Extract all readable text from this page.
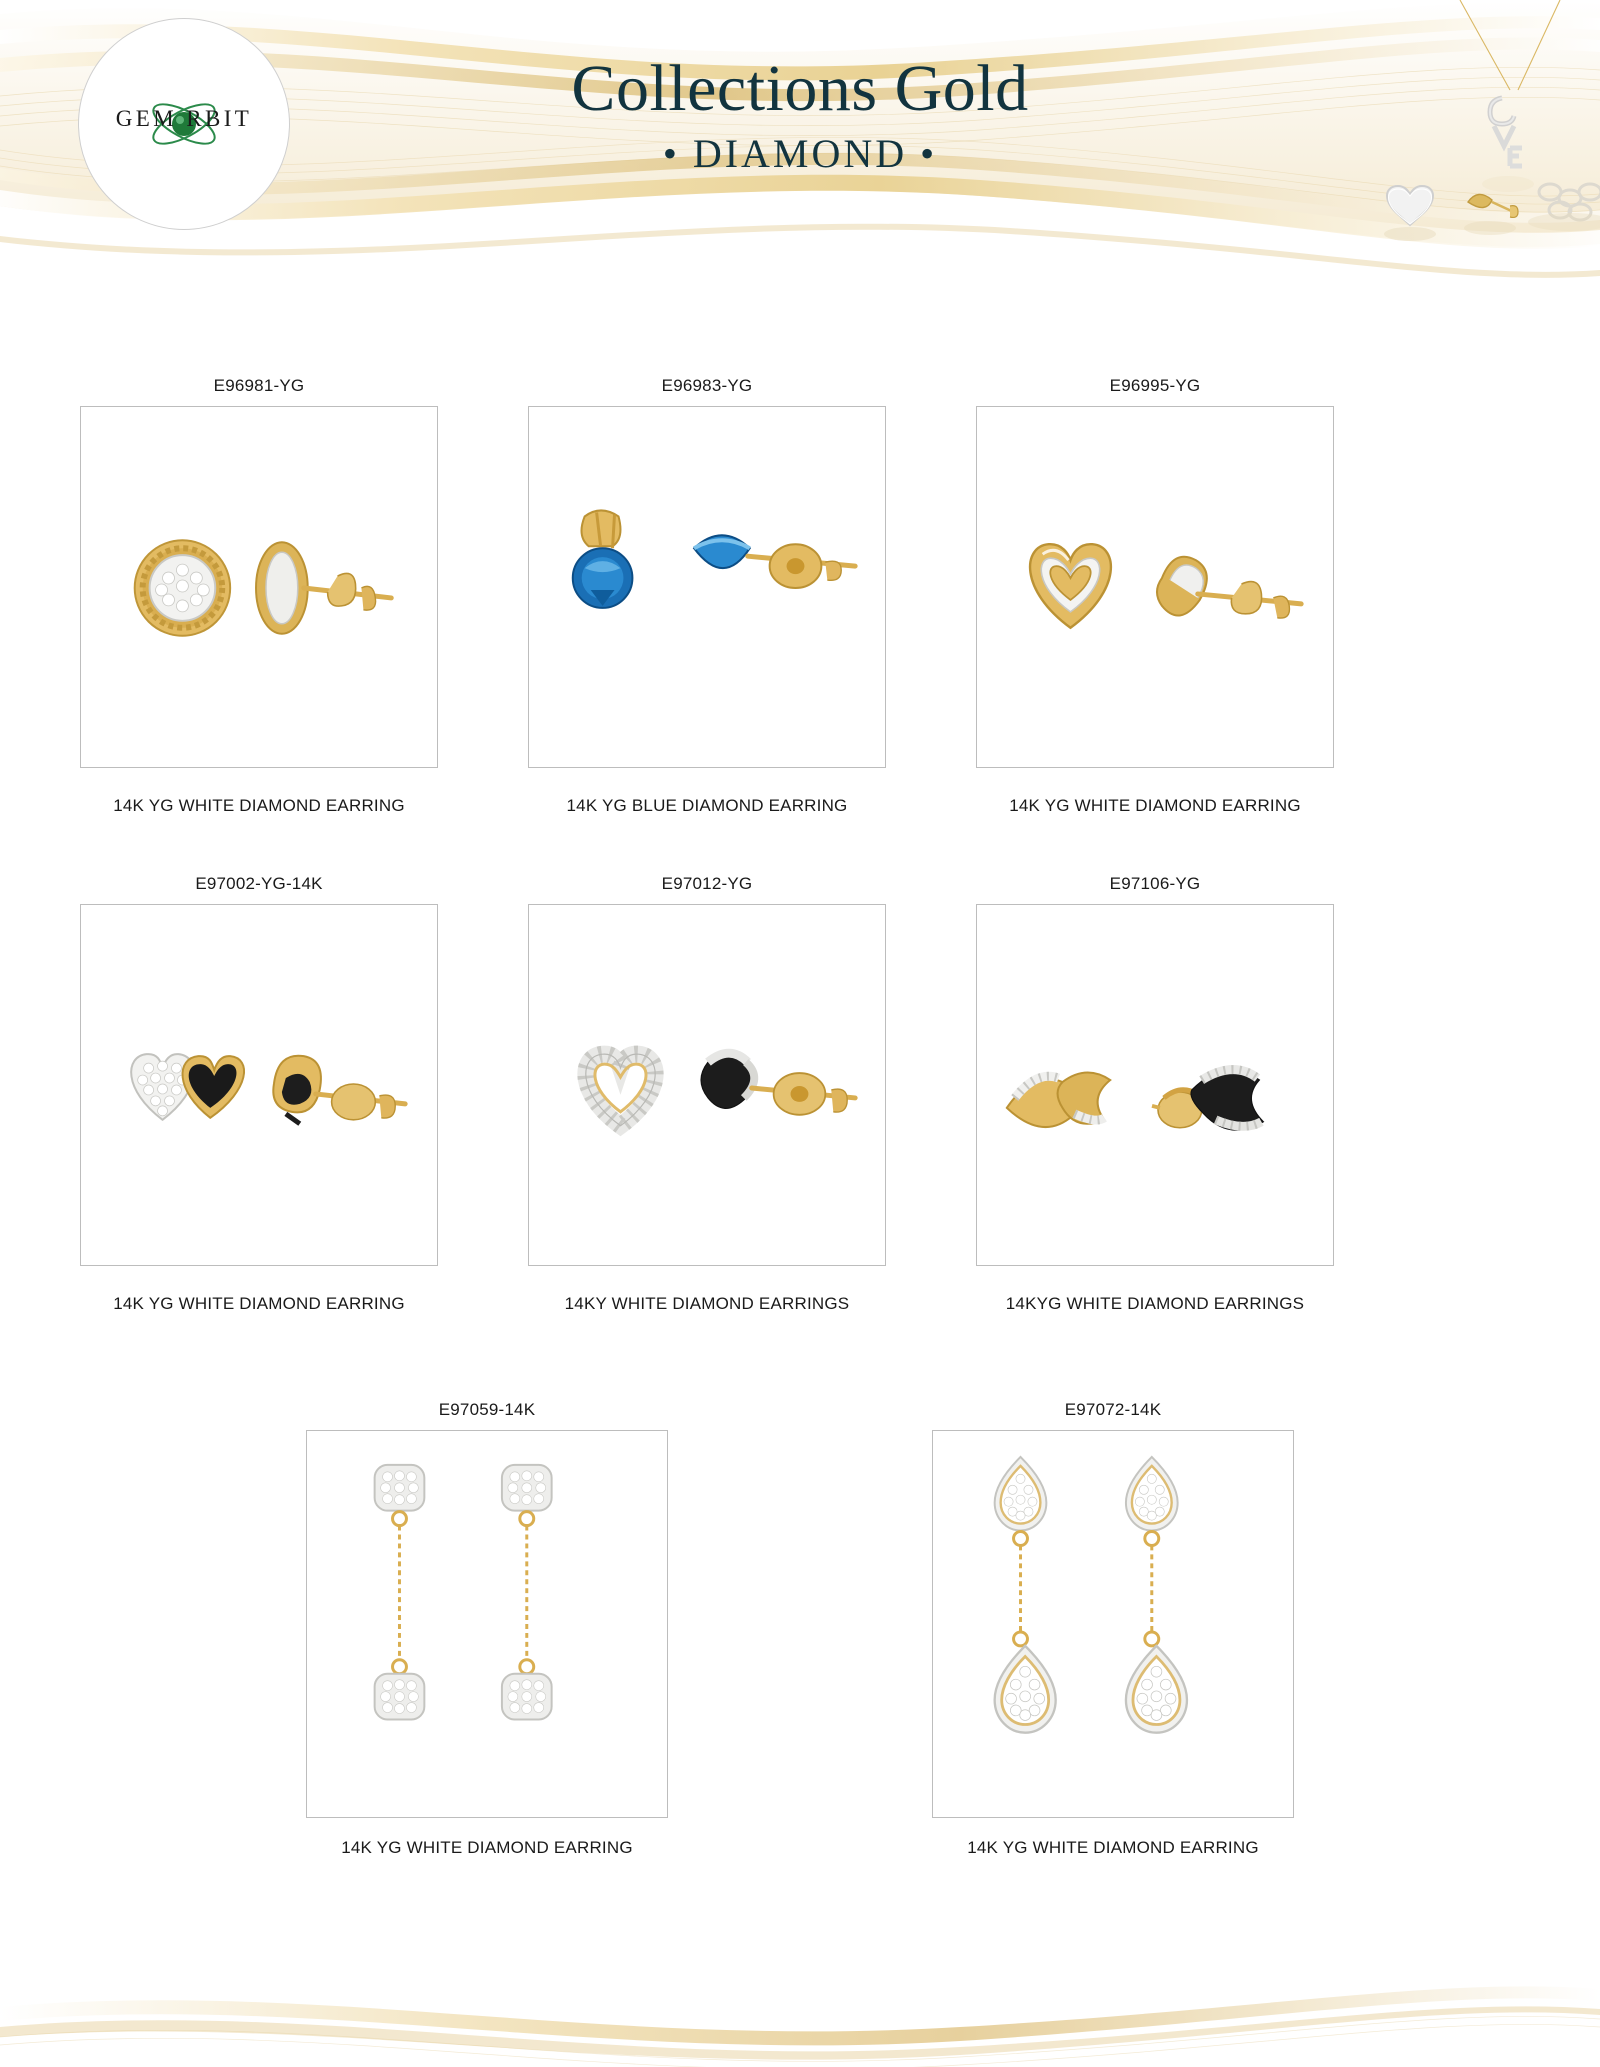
GEM RBIT	Collections Gold
• DIAMOND •
E96981-YG
14K YG WHITE DIAMOND EARRING
E96983-YG
14K YG BLUE DIAMOND EARRING
E96995-YG
14K YG WHITE DIAMOND EARRING
E97002-YG-14K
14K YG WHITE DIAMOND EARRING
E97012-YG
14KY WHITE DIAMOND EARRINGS
E97106-YG
14KYG WHITE DIAMOND EARRINGS
E97059-14K
14K YG WHITE DIAMOND EARRING
E97072-14K
14K YG WHITE DIAMOND EARRING
